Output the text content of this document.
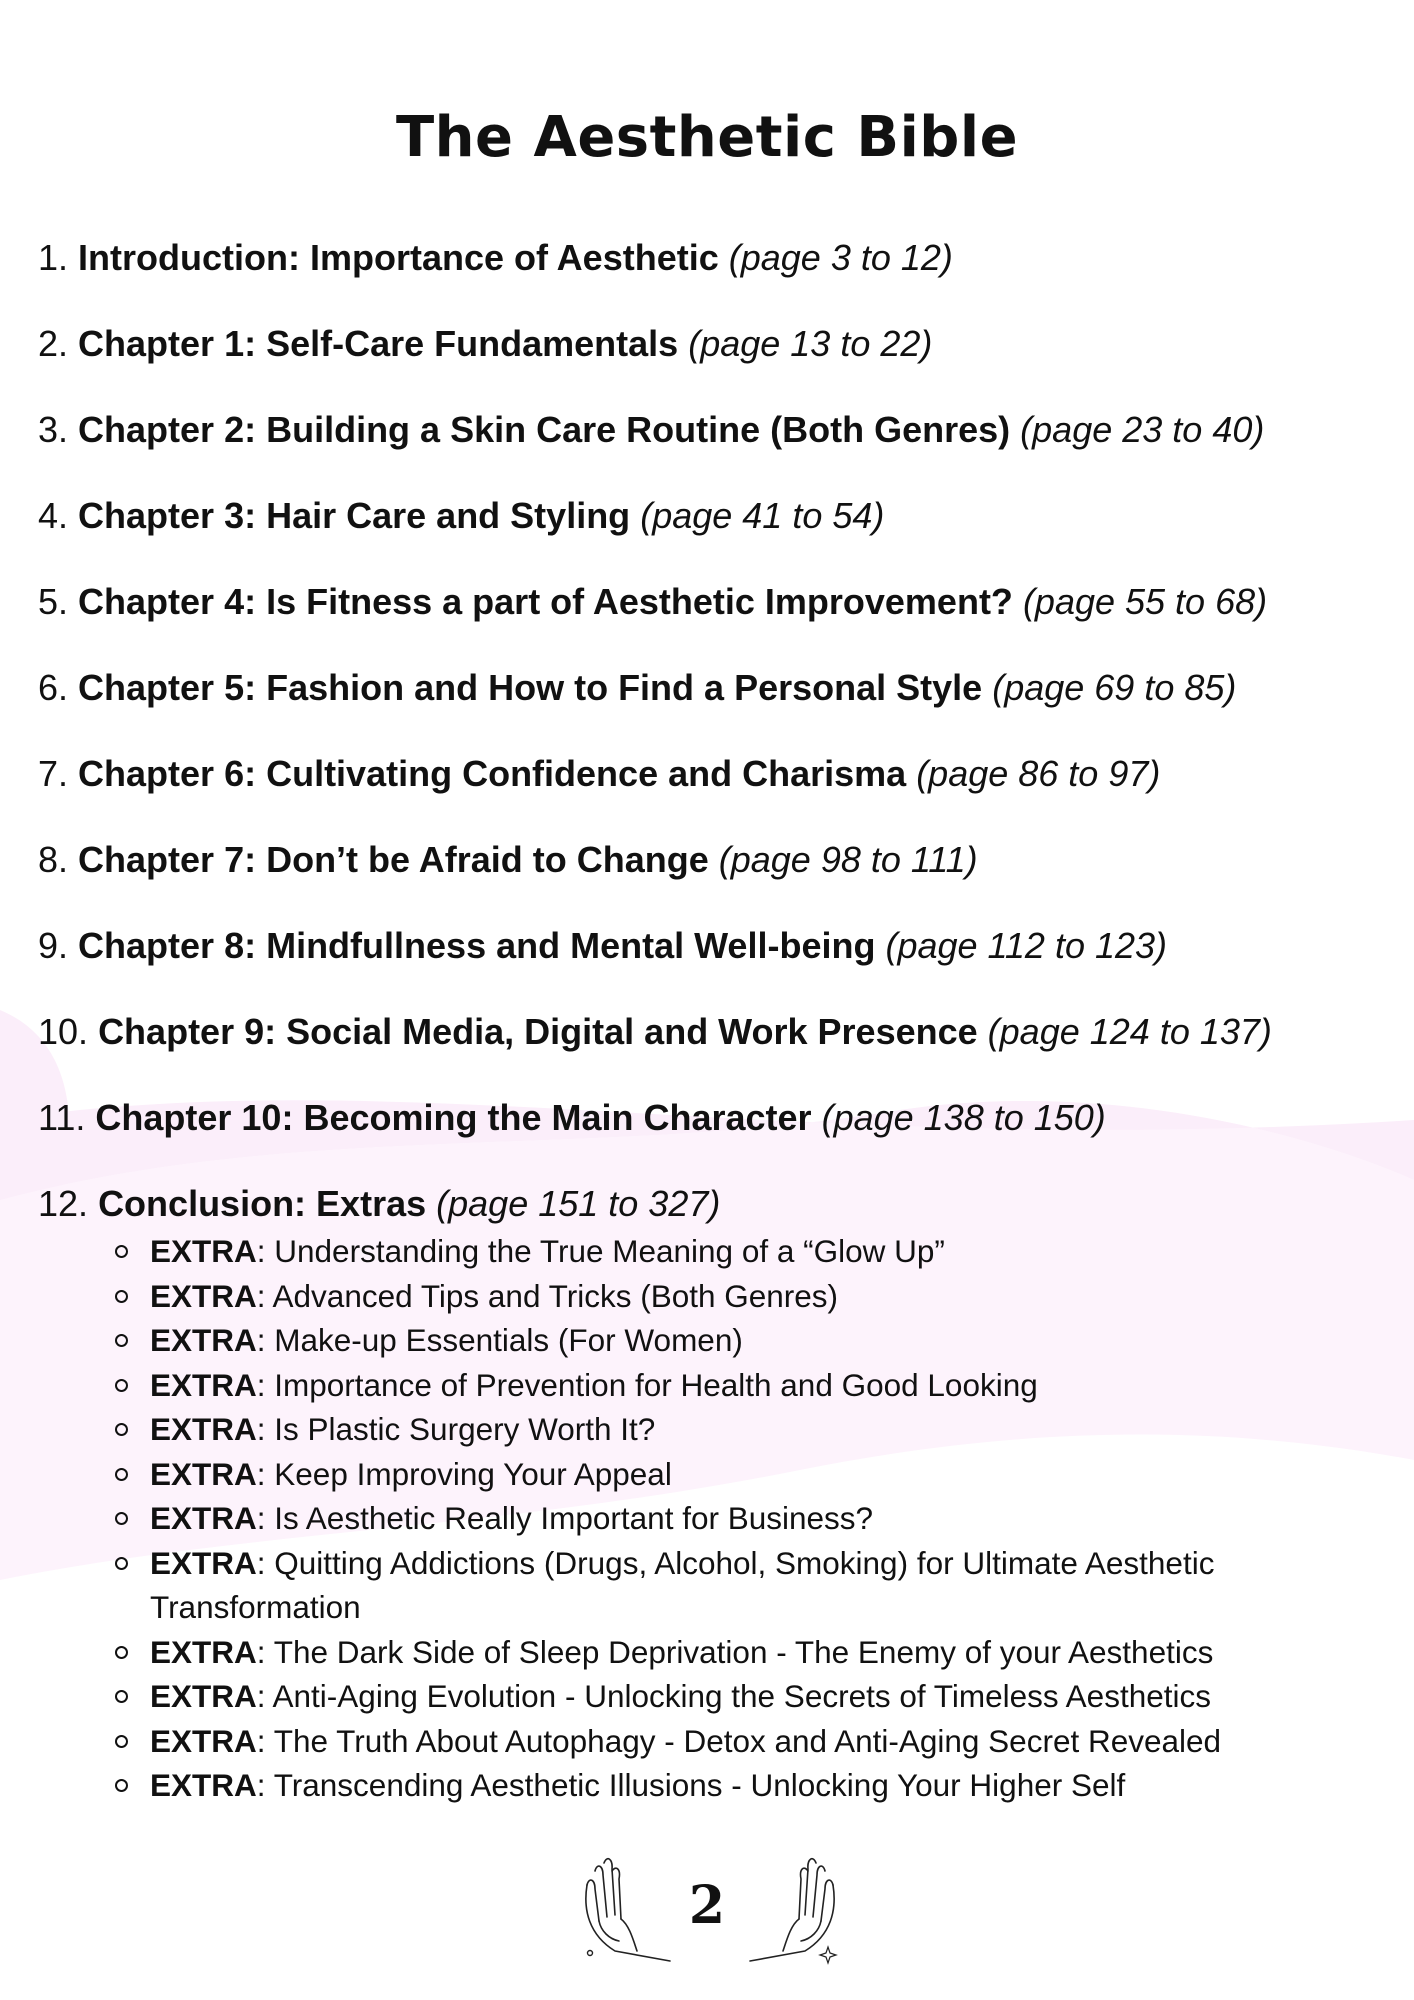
The Aesthetic Bible
1. Introduction: Importance of Aesthetic (page 3 to 12)
2. Chapter 1: Self-Care Fundamentals (page 13 to 22)
3. Chapter 2: Building a Skin Care Routine (Both Genres) (page 23 to 40)
4. Chapter 3: Hair Care and Styling (page 41 to 54)
5. Chapter 4: Is Fitness a part of Aesthetic Improvement? (page 55 to 68)
6. Chapter 5: Fashion and How to Find a Personal Style (page 69 to 85)
7. Chapter 6: Cultivating Confidence and Charisma (page 86 to 97)
8. Chapter 7: Don’t be Afraid to Change (page 98 to 111)
9. Chapter 8: Mindfullness and Mental Well-being (page 112 to 123)
10. Chapter 9: Social Media, Digital and Work Presence (page 124 to 137)
11. Chapter 10: Becoming the Main Character (page 138 to 150)
12. Conclusion: Extras (page 151 to 327)
EXTRA: Understanding the True Meaning of a “Glow Up”
EXTRA: Advanced Tips and Tricks (Both Genres)
EXTRA: Make-up Essentials (For Women)
EXTRA: Importance of Prevention for Health and Good Looking
EXTRA: Is Plastic Surgery Worth It?
EXTRA: Keep Improving Your Appeal
EXTRA: Is Aesthetic Really Important for Business?
EXTRA: Quitting Addictions (Drugs, Alcohol, Smoking) for Ultimate Aesthetic Transformation
EXTRA: The Dark Side of Sleep Deprivation - The Enemy of your Aesthetics
EXTRA: Anti-Aging Evolution - Unlocking the Secrets of Timeless Aesthetics
EXTRA: The Truth About Autophagy - Detox and Anti-Aging Secret Revealed
EXTRA: Transcending Aesthetic Illusions - Unlocking Your Higher Self
2
